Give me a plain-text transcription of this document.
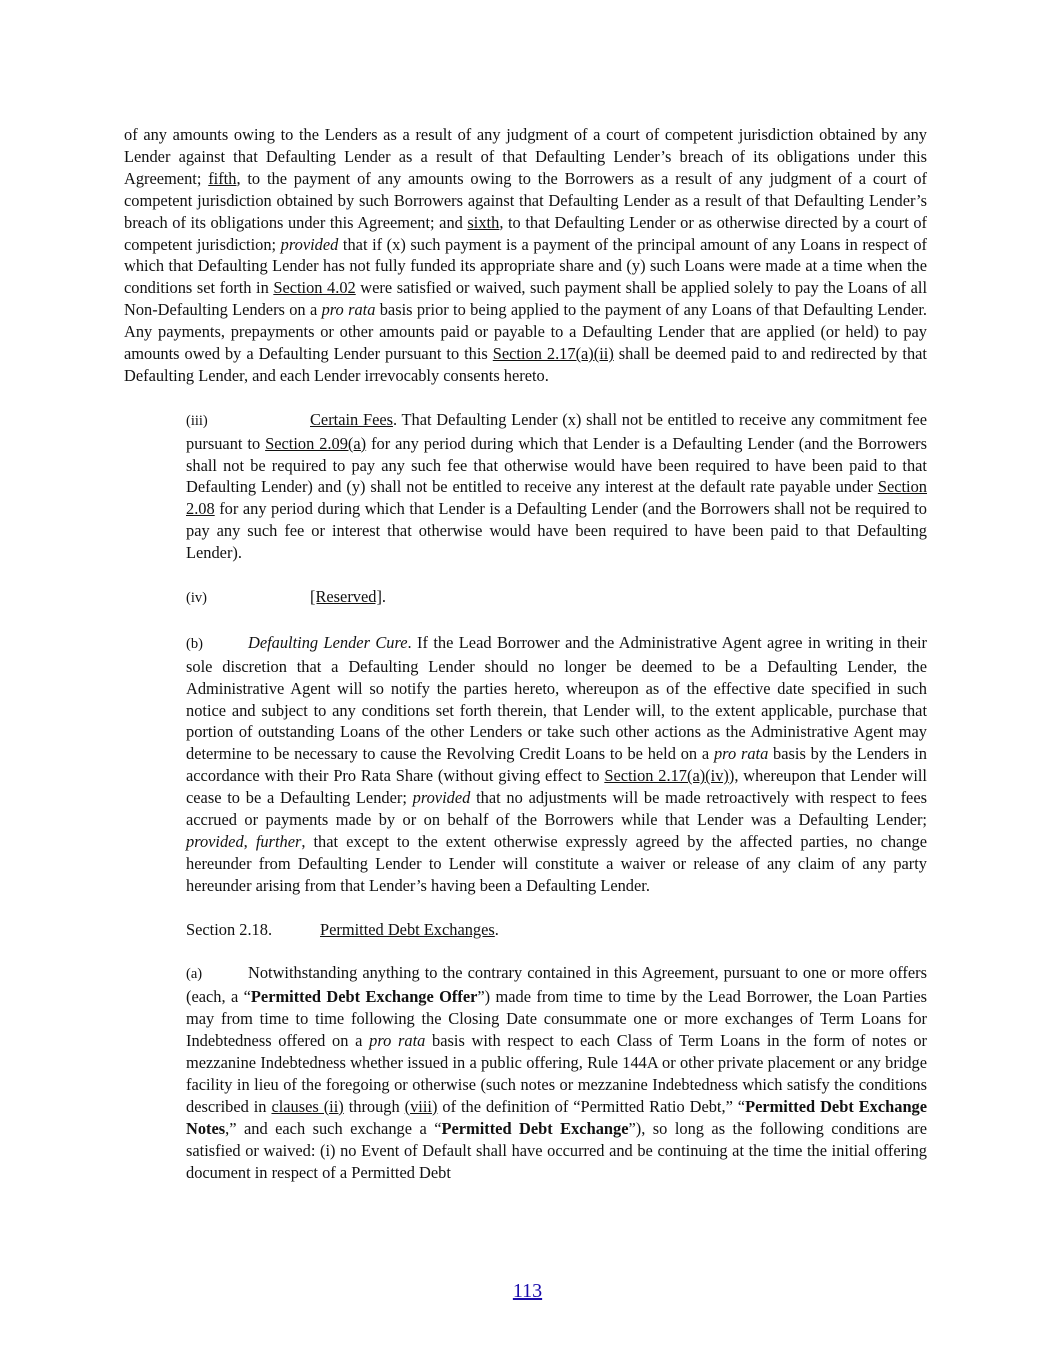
of any amounts owing to the Lenders as a result of any judgment of a court of competent jurisdiction obtained by any Lender against that Defaulting Lender as a result of that Defaulting Lender’s breach of its obligations under this Agreement; fifth, to the payment of any amounts owing to the Borrowers as a result of any judgment of a court of competent jurisdiction obtained by such Borrowers against that Defaulting Lender as a result of that Defaulting Lender’s breach of its obligations under this Agreement; and sixth, to that Defaulting Lender or as otherwise directed by a court of competent jurisdiction; provided that if (x) such payment is a payment of the principal amount of any Loans in respect of which that Defaulting Lender has not fully funded its appropriate share and (y) such Loans were made at a time when the conditions set forth in Section 4.02 were satisfied or waived, such payment shall be applied solely to pay the Loans of all Non-Defaulting Lenders on a pro rata basis prior to being applied to the payment of any Loans of that Defaulting Lender. Any payments, prepayments or other amounts paid or payable to a Defaulting Lender that are applied (or held) to pay amounts owed by a Defaulting Lender pursuant to this Section 2.17(a)(ii) shall be deemed paid to and redirected by that Defaulting Lender, and each Lender irrevocably consents hereto.

(iii)	Certain Fees. That Defaulting Lender (x) shall not be entitled to receive any commitment fee pursuant to Section 2.09(a) for any period during which that Lender is a Defaulting Lender (and the Borrowers shall not be required to pay any such fee that otherwise would have been required to have been paid to that Defaulting Lender) and (y) shall not be entitled to receive any interest at the default rate payable under Section 2.08 for any period during which that Lender is a Defaulting Lender (and the Borrowers shall not be required to pay any such fee or interest that otherwise would have been required to have been paid to that Defaulting Lender).

(iv)	[Reserved].

(b)	Defaulting Lender Cure. If the Lead Borrower and the Administrative Agent agree in writing in their sole discretion that a Defaulting Lender should no longer be deemed to be a Defaulting Lender, the Administrative Agent will so notify the parties hereto, whereupon as of the effective date specified in such notice and subject to any conditions set forth therein, that Lender will, to the extent applicable, purchase that portion of outstanding Loans of the other Lenders or take such other actions as the Administrative Agent may determine to be necessary to cause the Revolving Credit Loans to be held on a pro rata basis by the Lenders in accordance with their Pro Rata Share (without giving effect to Section 2.17(a)(iv)), whereupon that Lender will cease to be a Defaulting Lender; provided that no adjustments will be made retroactively with respect to fees accrued or payments made by or on behalf of the Borrowers while that Lender was a Defaulting Lender; provided, further, that except to the extent otherwise expressly agreed by the affected parties, no change hereunder from Defaulting Lender to Lender will constitute a waiver or release of any claim of any party hereunder arising from that Lender’s having been a Defaulting Lender.

Section 2.18.	Permitted Debt Exchanges.

(a)	Notwithstanding anything to the contrary contained in this Agreement, pursuant to one or more offers (each, a “Permitted Debt Exchange Offer”) made from time to time by the Lead Borrower, the Loan Parties may from time to time following the Closing Date consummate one or more exchanges of Term Loans for Indebtedness offered on a pro rata basis with respect to each Class of Term Loans in the form of notes or mezzanine Indebtedness whether issued in a public offering, Rule 144A or other private placement or any bridge facility in lieu of the foregoing or otherwise (such notes or mezzanine Indebtedness which satisfy the conditions described in clauses (ii) through (viii) of the definition of “Permitted Ratio Debt,” “Permitted Debt Exchange Notes,” and each such exchange a “Permitted Debt Exchange”), so long as the following conditions are satisfied or waived: (i) no Event of Default shall have occurred and be continuing at the time the initial offering document in respect of a Permitted Debt

113
